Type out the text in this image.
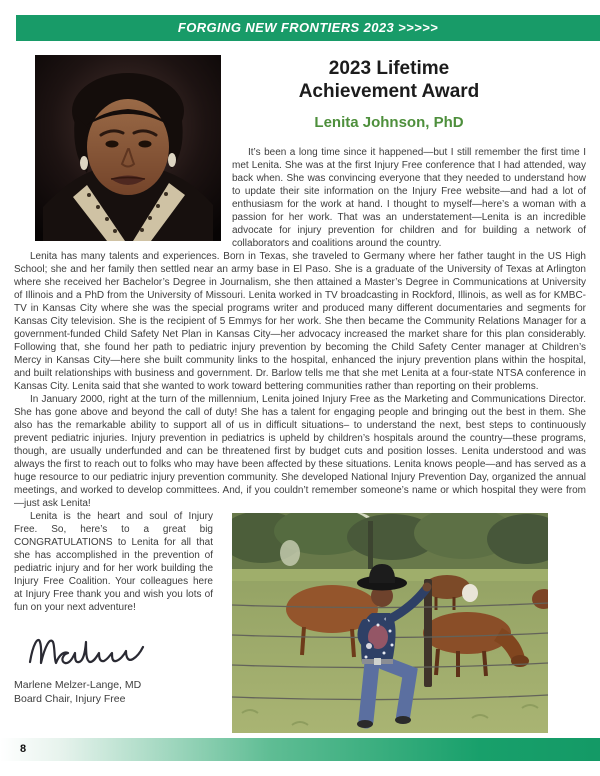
FORGING NEW FRONTIERS 2023 >>>>>
2023 Lifetime
Achievement Award
Lenita Johnson, PhD

It’s been a long time since it happened—but I still remember the first time I met Lenita. She was at the first Injury Free conference that I had attended, way back when. She was convincing everyone that they needed to understand how to update their site information on the Injury Free website—and had a lot of enthusiasm for the work at hand. I thought to myself—here’s a woman with a passion for her work. That was an understatement—Lenita is an incredible advocate for injury prevention for children and for building a network of collaborators and coalitions around the country.

Lenita has many talents and experiences. Born in Texas, she traveled to Germany where her father taught in the US High School; she and her family then settled near an army base in El Paso. She is a graduate of the University of Texas at Arlington where she received her Bachelor’s Degree in Journalism, she then attained a Master’s Degree in Communications at University of Illinois and a PhD from the University of Missouri. Lenita worked in TV broadcasting in Rockford, Illinois, as well as for KMBC-TV in Kansas City where she was the special programs writer and produced many different documentaries and segments for Kansas City television. She is the recipient of 5 Emmys for her work. She then became the Community Relations Manager for a government-funded Child Safety Net Plan in Kansas City—her advocacy increased the market share for this plan considerably. Following that, she found her path to pediatric injury prevention by becoming the Child Safety Center manager at Children’s Mercy in Kansas City—here she built community links to the hospital, enhanced the injury prevention plans within the hospital, and built relationships with business and government. Dr. Barlow tells me that she met Lenita at a four-state NTSA conference in Kansas City. Lenita said that she wanted to work toward bettering communities rather than reporting on their problems.

In January 2000, right at the turn of the millennium, Lenita joined Injury Free as the Marketing and Communications Director. She has gone above and beyond the call of duty! She has a talent for engaging people and bringing out the best in them. She also has the remarkable ability to support all of us in difficult situations– to understand the next, best steps to continuously prevent pediatric injuries. Injury prevention in pediatrics is upheld by children’s hospitals around the country—these programs, though, are usually underfunded and can be threatened first by budget cuts and position losses. Lenita understood and was always the first to reach out to folks who may have been affected by these situations. Lenita knows people—and has served as a huge resource to our pediatric injury prevention community. She developed National Injury Prevention Day, organized the annual meetings, and worked to develop committees. And, if you couldn’t remember someone’s name or which hospital they were from—just ask Lenita!

Lenita is the heart and soul of Injury Free. So, here’s to a great big CONGRATULATIONS to Lenita for all that she has accomplished in the prevention of pediatric injury and for her work building the Injury Free Coalition. Your colleagues here at Injury Free thank you and wish you lots of fun on your next adventure!

Marlene Melzer-Lange, MD
Board Chair, Injury Free
8
